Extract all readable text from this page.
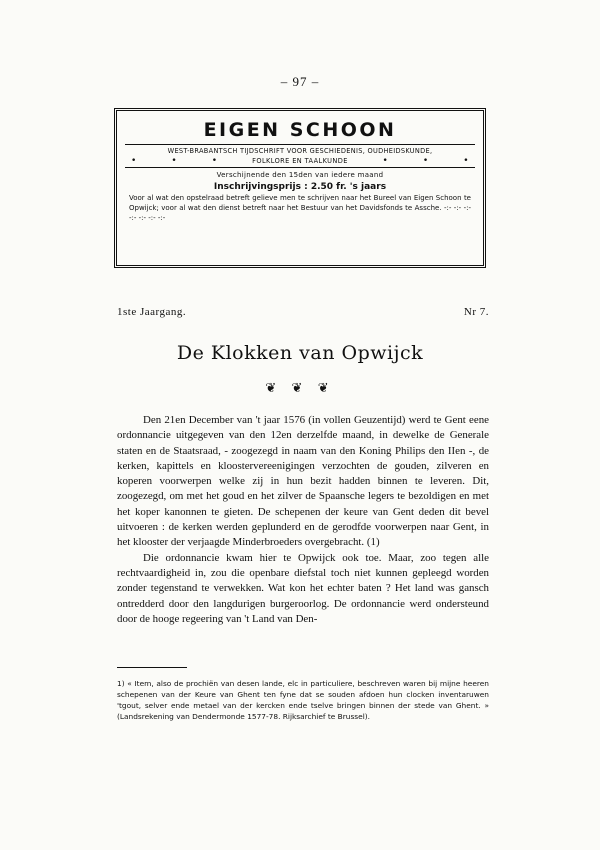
– 97 –
EIGEN SCHOON
WEST-BRABANTSCH TIJDSCHRIFT VOOR GESCHIEDENIS, OUDHEIDSKUNDE,
•	•	•	FOLKLORE EN TAALKUNDE	•	•	•
Verschijnende den 15den van iedere maand
Inschrijvingsprijs : 2.50 fr. 's jaars
Voor al wat den opstelraad betreft gelieve men te schrijven naar het Bureel van Eigen Schoon te Opwijck; voor al wat den dienst betreft naar het Bestuur van het Davidsfonds te Assche. -:- -:- -:- -:- -:- -:- -:-
1ste Jaargang.	Nr 7.
De Klokken van Opwijck
❦ ❦ ❦

Den 21en December van 't jaar 1576 (in vollen Geuzentijd) werd te Gent eene ordonnancie uitgegeven van den 12en derzelfde maand, in dewelke de Generale staten en de Staatsraad, - zoogezegd in naam van den Koning Philips den IIen -, de kerken, kapittels en kloostervereenigingen verzochten de gouden, zilveren en koperen voorwerpen welke zij in hun bezit hadden binnen te leveren. Dit, zoogezegd, om met het goud en het zilver de Spaansche legers te bezoldigen en met het koper kanonnen te gieten. De schepenen der keure van Gent deden dit bevel uitvoeren : de kerken werden geplunderd en de gerodfde voorwerpen naar Gent, in het klooster der verjaagde Minderbroeders overgebracht. (1)

Die ordonnancie kwam hier te Opwijck ook toe. Maar, zoo tegen alle rechtvaardigheid in, zou die openbare diefstal toch niet kunnen gepleegd worden zonder tegenstand te verwekken. Wat kon het echter baten ? Het land was gansch ontredderd door den langdurigen burgeroorlog. De ordonnancie werd ondersteund door de hooge regeering van 't Land van Den-

1) « Item, also de prochiën van desen lande, elc in particuliere, beschreven waren bij mijne heeren schepenen van der Keure van Ghent ten fyne dat se souden afdoen hun clocken inventaruwen 'tgout, selver ende metael van der kercken ende tselve bringen binnen der stede van Ghent. » (Landsrekening van Dendermonde 1577-78. Rijksarchief te Brussel).
